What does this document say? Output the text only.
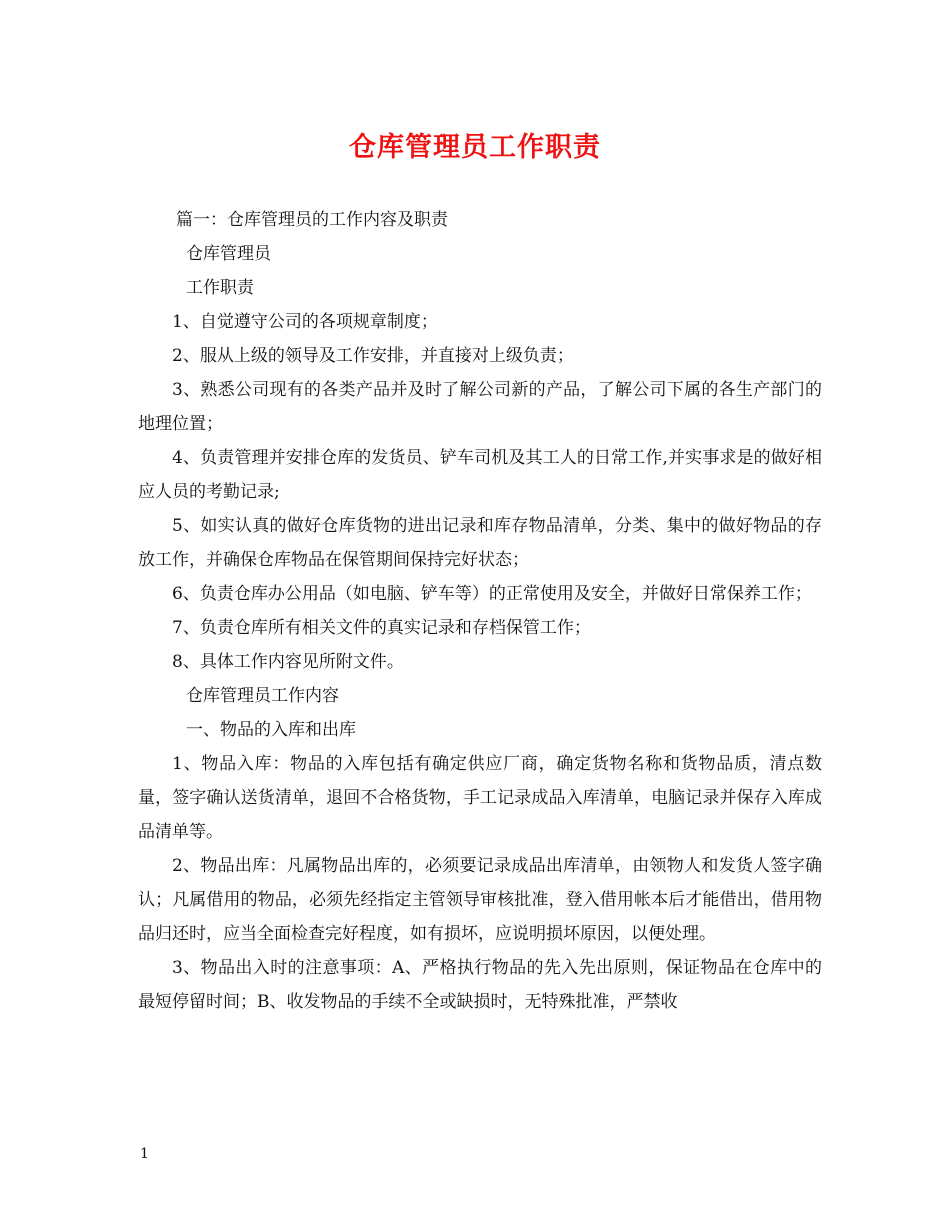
仓库管理员工作职责

篇一：仓库管理员的工作内容及职责

仓库管理员

工作职责

1、自觉遵守公司的各项规章制度；

2、服从上级的领导及工作安排，并直接对上级负责；

3、熟悉公司现有的各类产品并及时了解公司新的产品，了解公司下属的各生产部门的地理位置；

4、负责管理并安排仓库的发货员、铲车司机及其工人的日常工作,并实事求是的做好相应人员的考勤记录;

5、如实认真的做好仓库货物的进出记录和库存物品清单，分类、集中的做好物品的存放工作，并确保仓库物品在保管期间保持完好状态；

6、负责仓库办公用品（如电脑、铲车等）的正常使用及安全，并做好日常保养工作；

7、负责仓库所有相关文件的真实记录和存档保管工作；

8、具体工作内容见所附文件。

仓库管理员工作内容

一、物品的入库和出库

1、物品入库：物品的入库包括有确定供应厂商，确定货物名称和货物品质，清点数量，签字确认送货清单，退回不合格货物，手工记录成品入库清单，电脑记录并保存入库成品清单等。

2、物品出库：凡属物品出库的，必须要记录成品出库清单，由领物人和发货人签字确认；凡属借用的物品，必须先经指定主管领导审核批准，登入借用帐本后才能借出，借用物品归还时，应当全面检查完好程度，如有损坏，应说明损坏原因，以便处理。

3、物品出入时的注意事项：A、严格执行物品的先入先出原则，保证物品在仓库中的最短停留时间；B、收发物品的手续不全或缺损时，无特殊批准，严禁收

1
